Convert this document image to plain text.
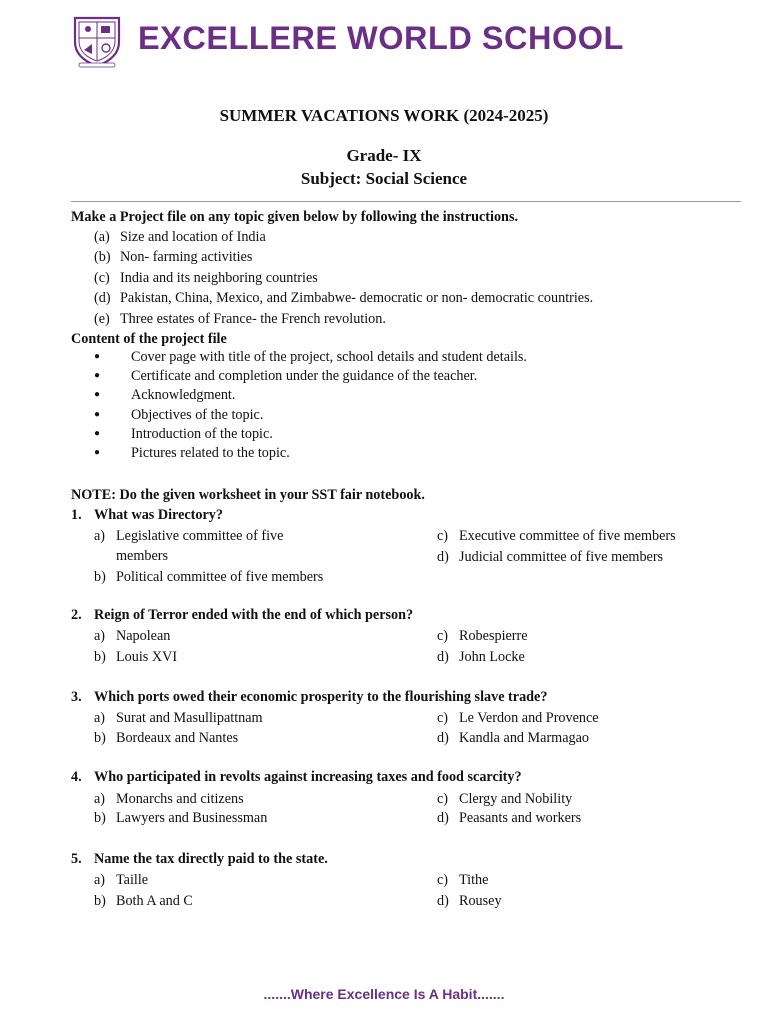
EXCELLERE WORLD SCHOOL
SUMMER VACATIONS WORK (2024-2025)
Grade- IX
Subject: Social Science
Make a Project file on any topic given below by following the instructions.
(a) Size and location of India
(b) Non- farming activities
(c) India and its neighboring countries
(d) Pakistan, China, Mexico, and Zimbabwe- democratic or non- democratic countries.
(e) Three estates of France- the French revolution.
Content of the project file
● Cover page with title of the project, school details and student details.
● Certificate and completion under the guidance of the teacher.
● Acknowledgment.
● Objectives of the topic.
● Introduction of the topic.
● Pictures related to the topic.
NOTE: Do the given worksheet in your SST fair notebook.
1. What was Directory?
a) Legislative committee of five members
b) Political committee of five members
c) Executive committee of five members
d) Judicial committee of five members
2. Reign of Terror ended with the end of which person?
a) Napolean
b) Louis XVI
c) Robespierre
d) John Locke
3. Which ports owed their economic prosperity to the flourishing slave trade?
a) Surat and Masullipattnam
b) Bordeaux and Nantes
c) Le Verdon and Provence
d) Kandla and Marmagao
4. Who participated in revolts against increasing taxes and food scarcity?
a) Monarchs and citizens
b) Lawyers and Businessman
c) Clergy and Nobility
d) Peasants and workers
5. Name the tax directly paid to the state.
a) Taille
b) Both A and C
c) Tithe
d) Rousey
.......Where Excellence Is A Habit.......
